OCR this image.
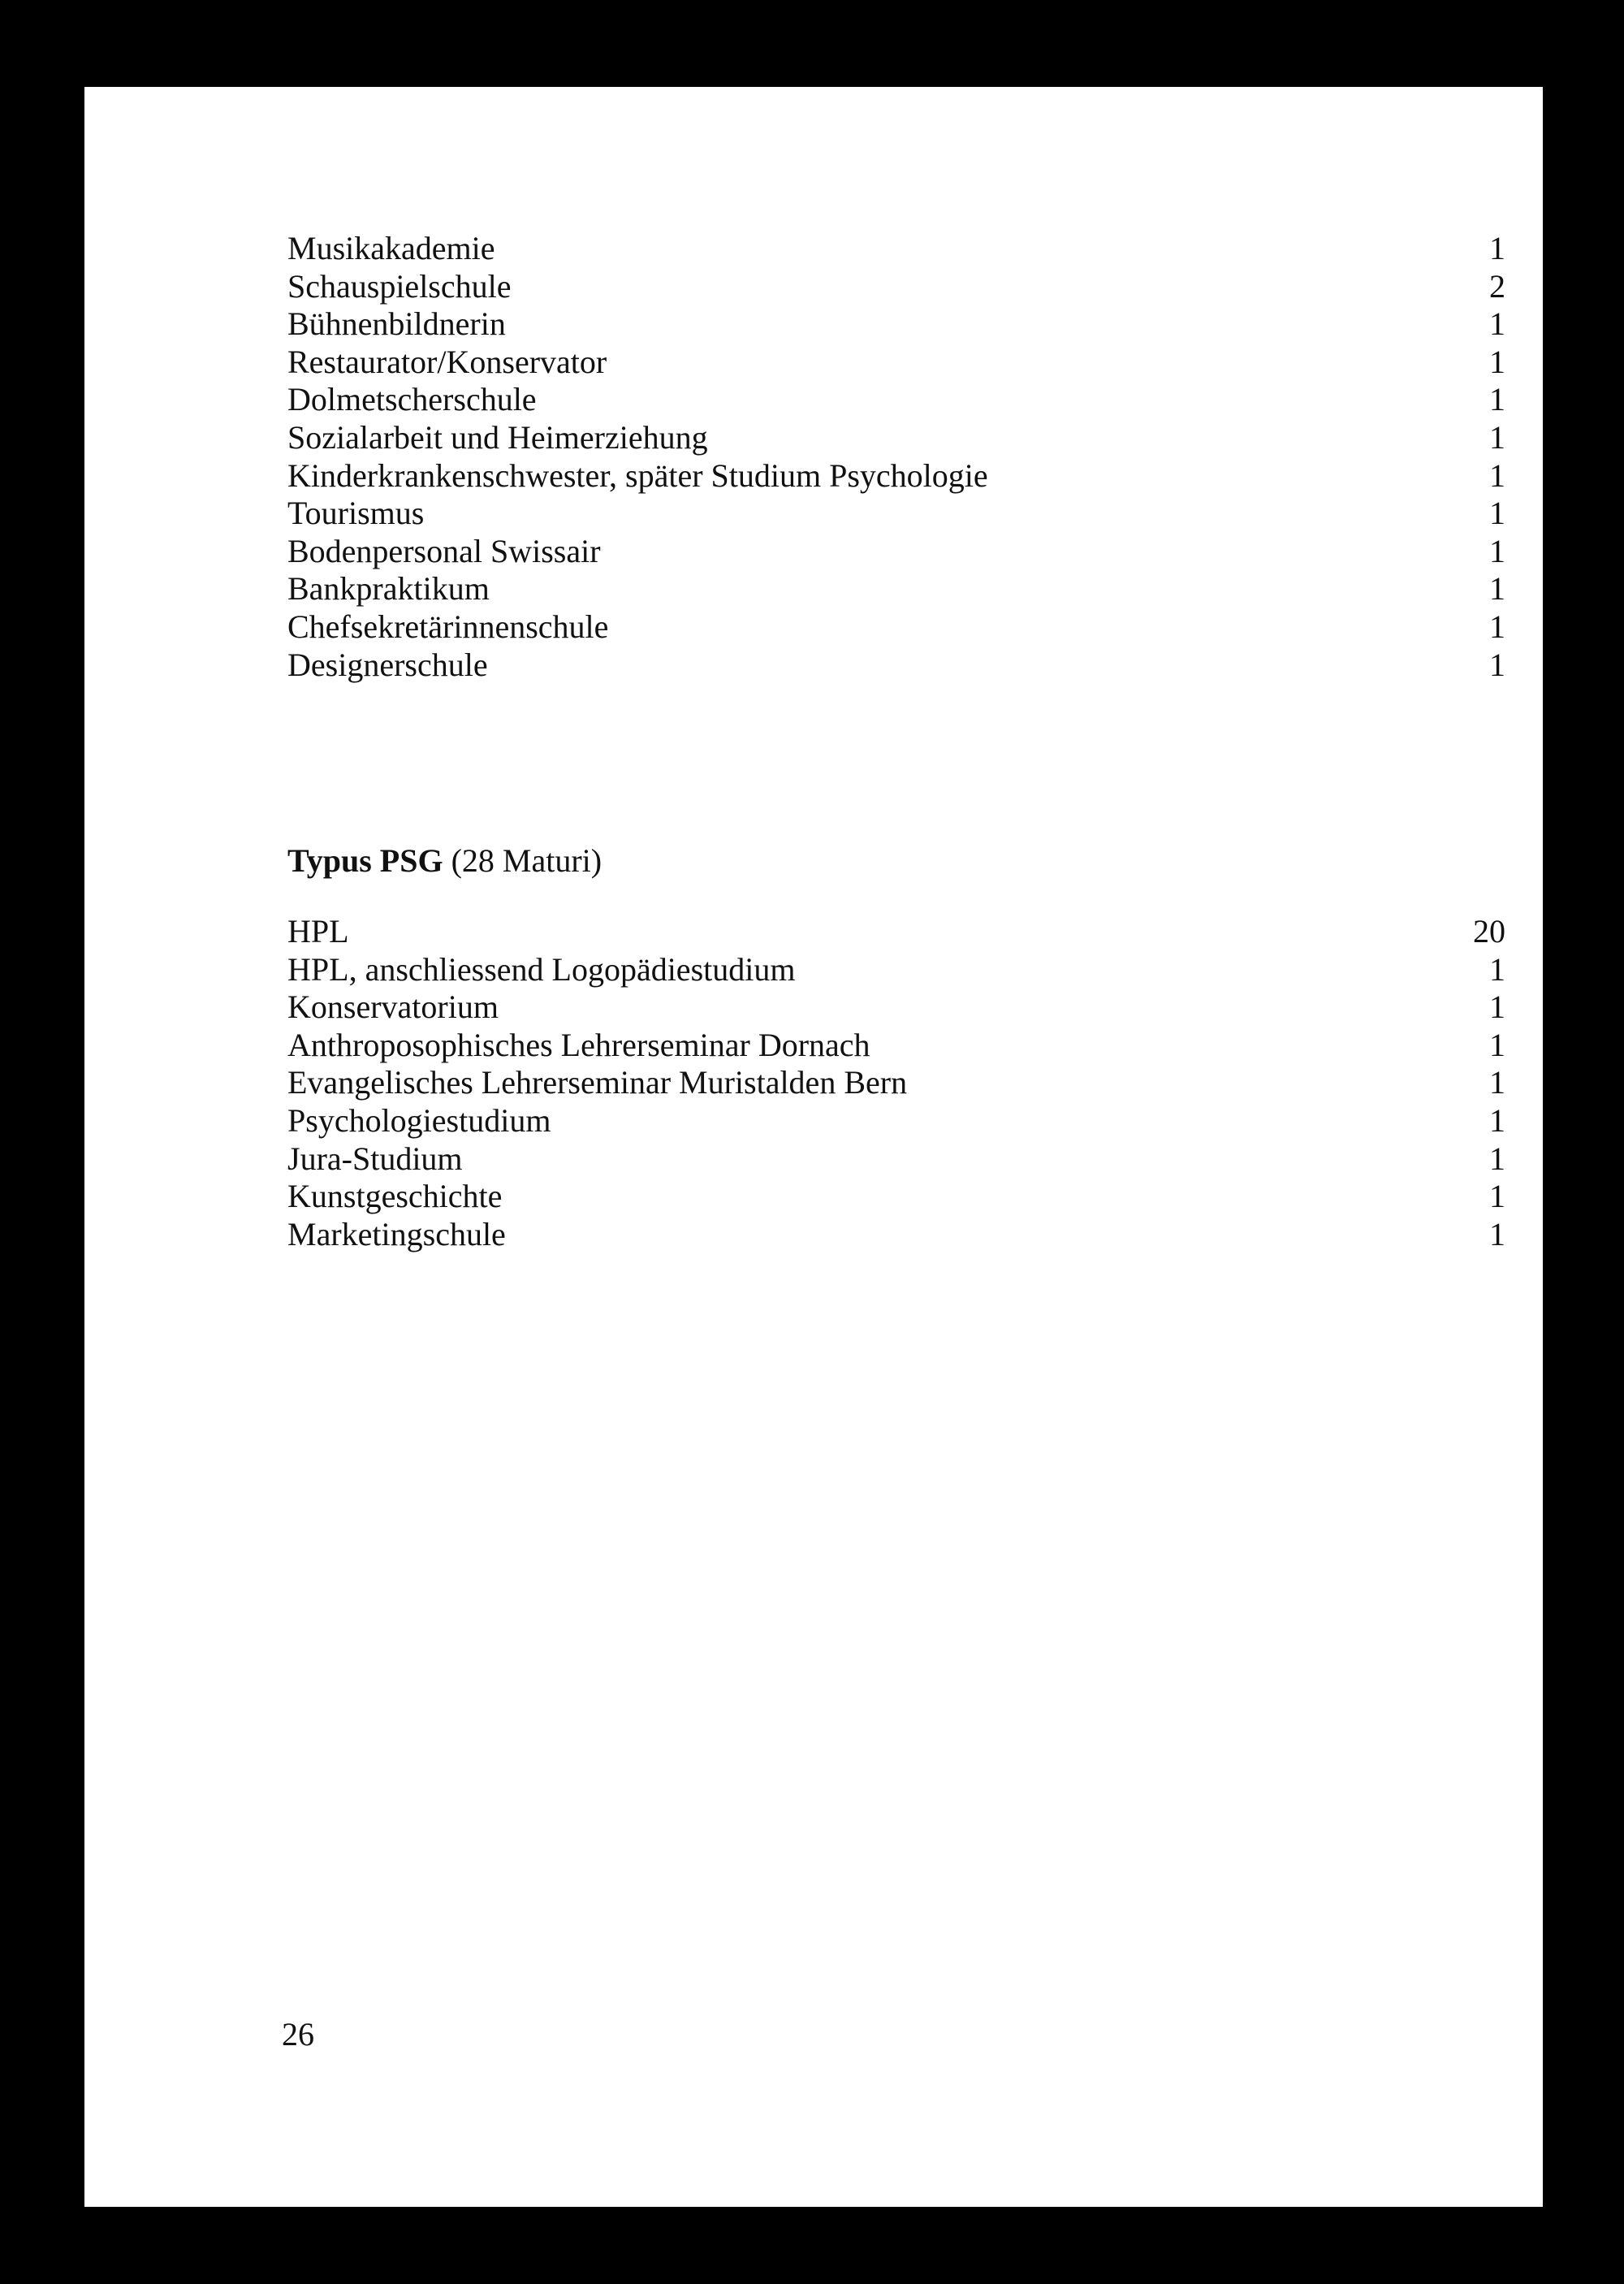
Musikakademie	1
Schauspielschule	2
Bühnenbildnerin	1
Restaurator/Konservator	1
Dolmetscherschule	1
Sozialarbeit und Heimerziehung	1
Kinderkrankenschwester, später Studium Psychologie	1
Tourismus	1
Bodenpersonal Swissair	1
Bankpraktikum	1
Chefsekretärinnenschule	1
Designerschule	1
Typus PSG (28 Maturi)
HPL	20
HPL, anschliessend Logopädiestudium	1
Konservatorium	1
Anthroposophisches Lehrerseminar Dornach	1
Evangelisches Lehrerseminar Muristalden Bern	1
Psychologiestudium	1
Jura-Studium	1
Kunstgeschichte	1
Marketingschule	1
26
